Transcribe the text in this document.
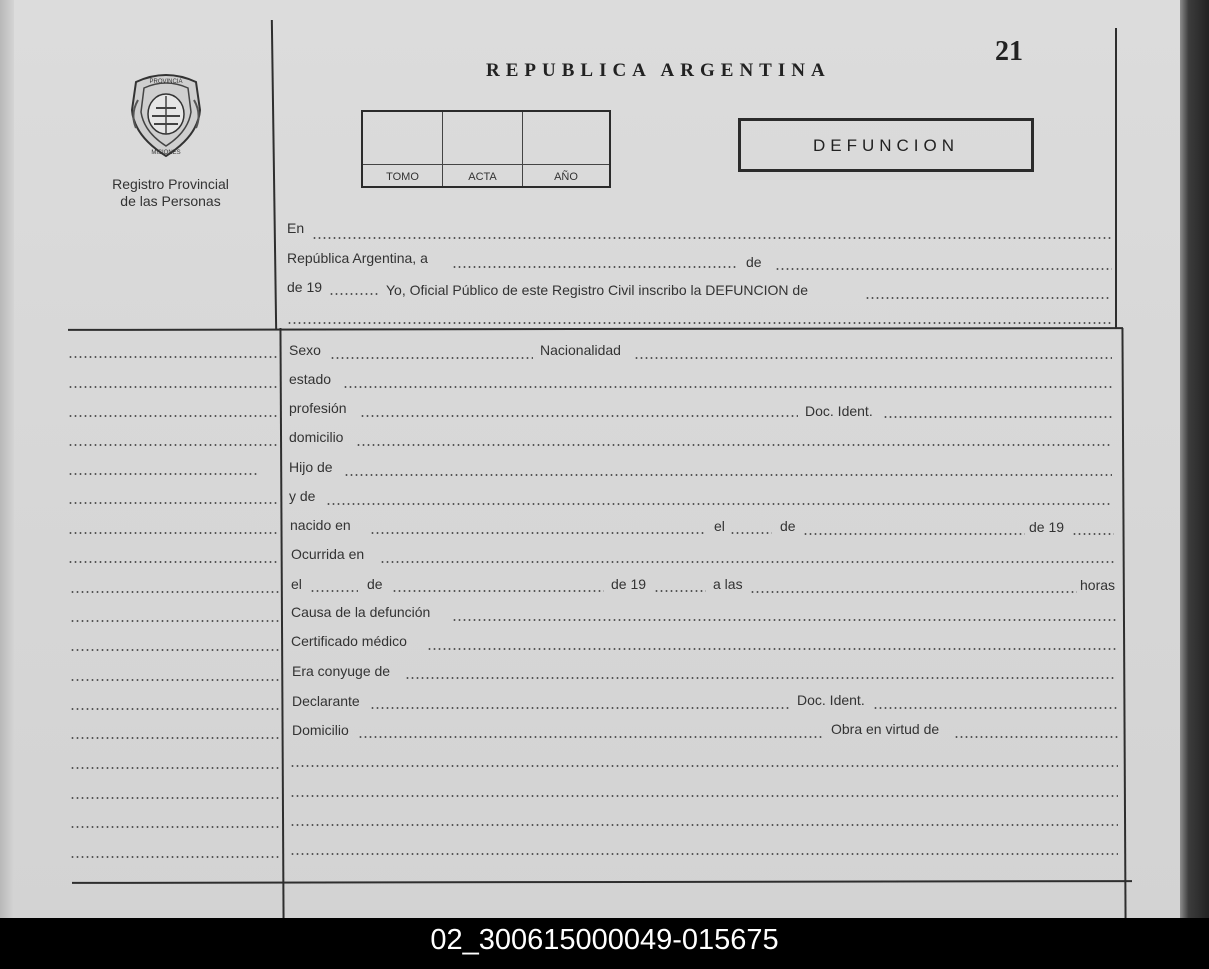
PROVINCIA
MISIONES
Registro Provincial
de las Personas
REPUBLICA ARGENTINA
21
TOMO	ACTA	AÑO
DEFUNCION
En
República Argentina, a	de
de 19	Yo, Oficial Público de este Registro Civil inscribo la DEFUNCION de
Sexo	Nacionalidad
estado
profesión	Doc. Ident.
domicilio
Hijo de
y de
nacido en	el	de	de 19
Ocurrida en
el	de	de 19	a las	horas
Causa de la defunción
Certificado médico
Era conyuge de
Declarante	Doc. Ident.
Domicilio	Obra en virtud de
02_300615000049-015675
